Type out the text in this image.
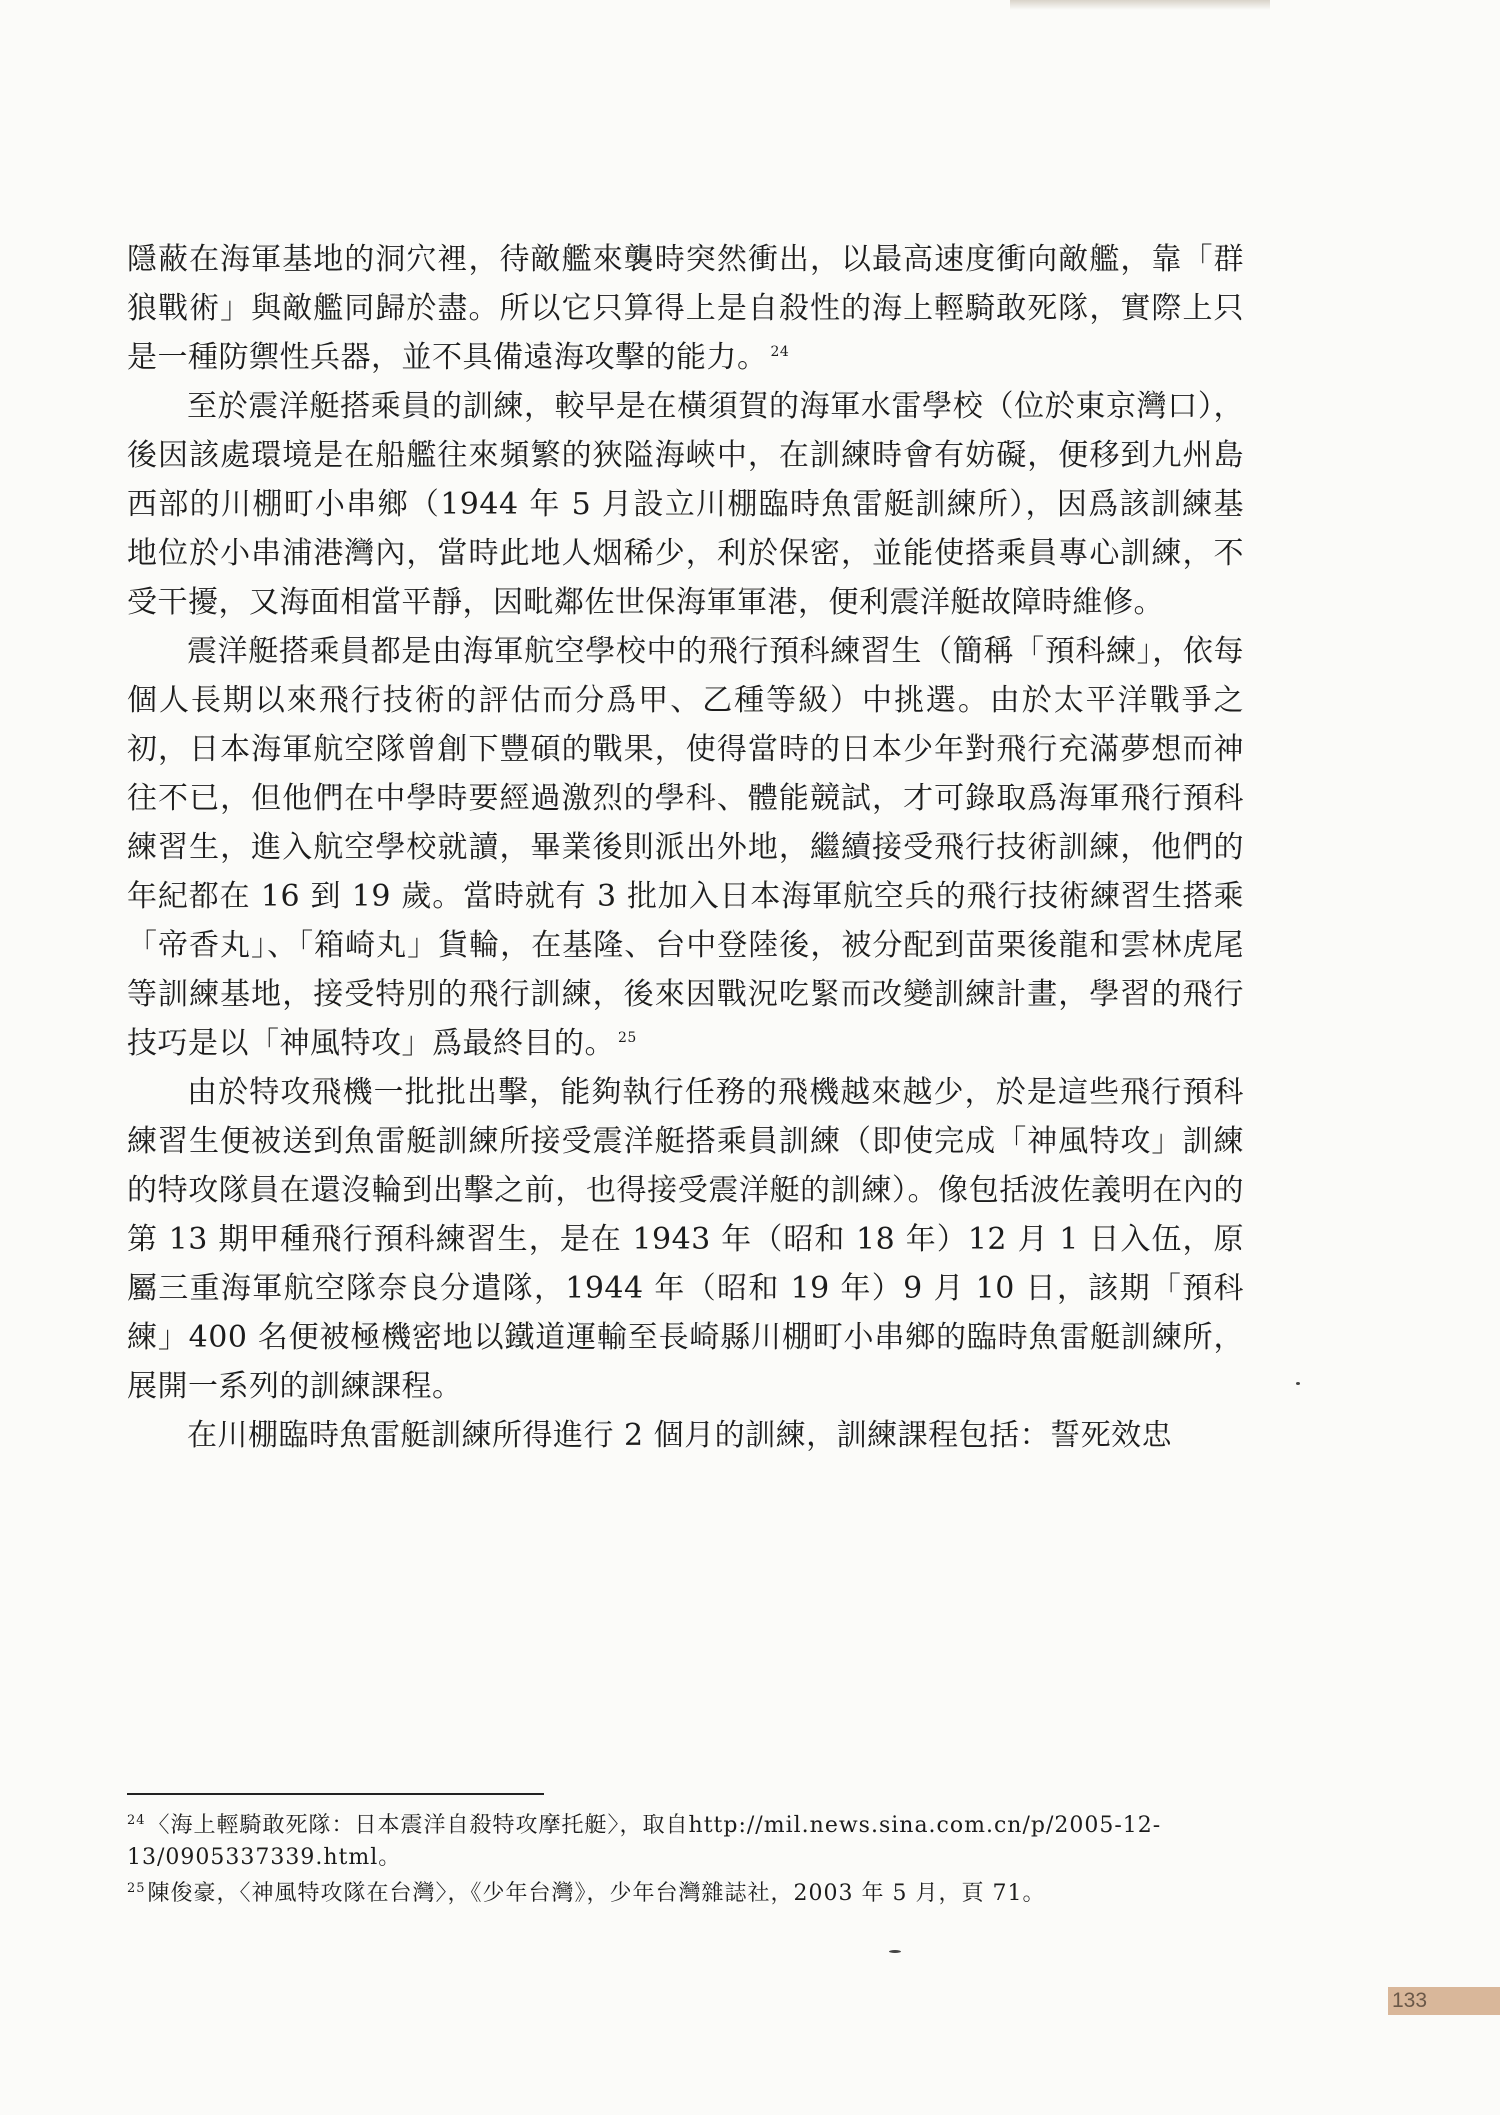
隱蔽在海軍基地的洞穴裡，待敵艦來襲時突然衝出，以最高速度衝向敵艦，靠「群狼戰術」與敵艦同歸於盡。所以它只算得上是自殺性的海上輕騎敢死隊，實際上只是一種防禦性兵器，並不具備遠海攻擊的能力。 $^{24}$

至於震洋艇搭乘員的訓練，較早是在橫須賀的海軍水雷學校（位於東京灣口），後因該處環境是在船艦往來頻繁的狹隘海峽中，在訓練時會有妨礙，便移到九州島西部的川棚町小串鄉（1944 年 5 月設立川棚臨時魚雷艇訓練所），因爲該訓練基地位於小串浦港灣內，當時此地人烟稀少，利於保密，並能使搭乘員專心訓練，不受干擾，又海面相當平靜，因毗鄰佐世保海軍軍港，便利震洋艇故障時維修。

震洋艇搭乘員都是由海軍航空學校中的飛行預科練習生（簡稱「預科練」，依每個人長期以來飛行技術的評估而分爲甲、乙種等級）中挑選。由於太平洋戰爭之初，日本海軍航空隊曾創下豐碩的戰果，使得當時的日本少年對飛行充滿夢想而神往不已，但他們在中學時要經過激烈的學科、體能競試，才可錄取爲海軍飛行預科練習生，進入航空學校就讀，畢業後則派出外地，繼續接受飛行技術訓練，他們的年紀都在 16 到 19 歲。當時就有 3 批加入日本海軍航空兵的飛行技術練習生搭乘「帝香丸」、「箱崎丸」貨輪，在基隆、台中登陸後，被分配到苗栗後龍和雲林虎尾等訓練基地，接受特別的飛行訓練，後來因戰況吃緊而改變訓練計畫，學習的飛行技巧是以「神風特攻」爲最終目的。 $^{25}$

由於特攻飛機一批批出擊，能夠執行任務的飛機越來越少，於是這些飛行預科練習生便被送到魚雷艇訓練所接受震洋艇搭乘員訓練（即使完成「神風特攻」訓練的特攻隊員在還沒輪到出擊之前，也得接受震洋艇的訓練）。像包括波佐義明在內的第 13 期甲種飛行預科練習生，是在 1943 年（昭和 18 年）12 月 1 日入伍，原屬三重海軍航空隊奈良分遣隊，1944 年（昭和 19 年）9 月 10 日，該期「預科練」400 名便被極機密地以鐵道運輸至長崎縣川棚町小串鄉的臨時魚雷艇訓練所，展開一系列的訓練課程。

在川棚臨時魚雷艇訓練所得進行 2 個月的訓練，訓練課程包括：誓死效忠

$^{24}$〈海上輕騎敢死隊：日本震洋自殺特攻摩托艇〉，取自http://mil.news.sina.com.cn/p/2005-12-13/0905337339.html。

$^{25}$陳俊豪，〈神風特攻隊在台灣〉，《少年台灣》，少年台灣雜誌社，2003 年 5 月，頁 71。

133
